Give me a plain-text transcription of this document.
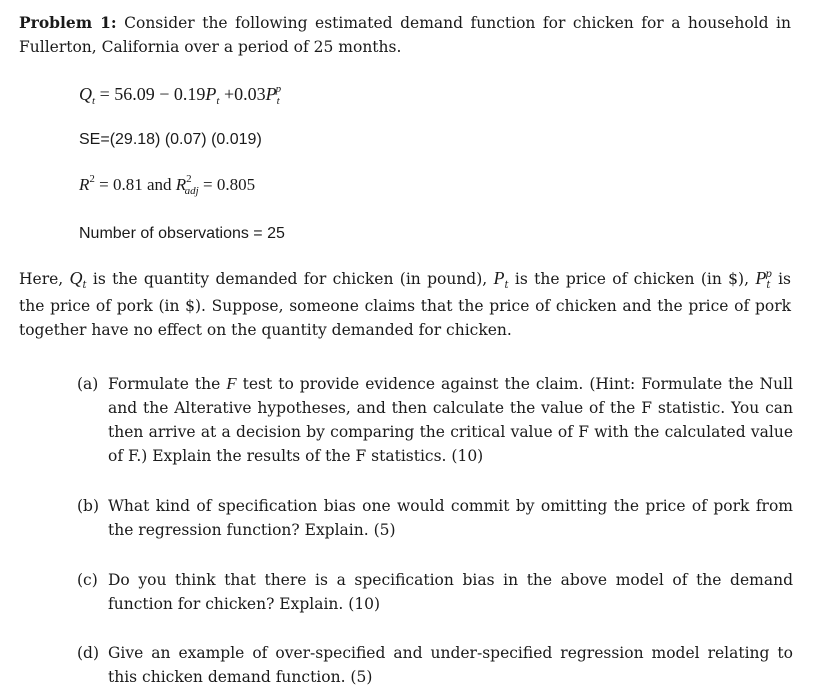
Problem 1: Consider the following estimated demand function for chicken for a household in Fullerton, California over a period of 25 months.
$Q_t = 56.09 - 0.19P_t +0.03P_t^p$
SE=(29.18) (0.07) (0.019)
$R^2 = 0.81$ and $R^2_{adj} = 0.805$
Number of observations = 25
Here, $Q_t$ is the quantity demanded for chicken (in pound), $P_t$ is the price of chicken (in $), $P_t^p$ is the price of pork (in $). Suppose, someone claims that the price of chicken and the price of pork together have no effect on the quantity demanded for chicken.
(a) Formulate the F test to provide evidence against the claim. (Hint: Formulate the Null and the Alterative hypotheses, and then calculate the value of the F statistic. You can then arrive at a decision by comparing the critical value of F with the calculated value of F.) Explain the results of the F statistics. (10)
(b) What kind of specification bias one would commit by omitting the price of pork from the regression function? Explain. (5)
(c) Do you think that there is a specification bias in the above model of the demand function for chicken? Explain. (10)
(d) Give an example of over-specified and under-specified regression model relating to this chicken demand function. (5)
